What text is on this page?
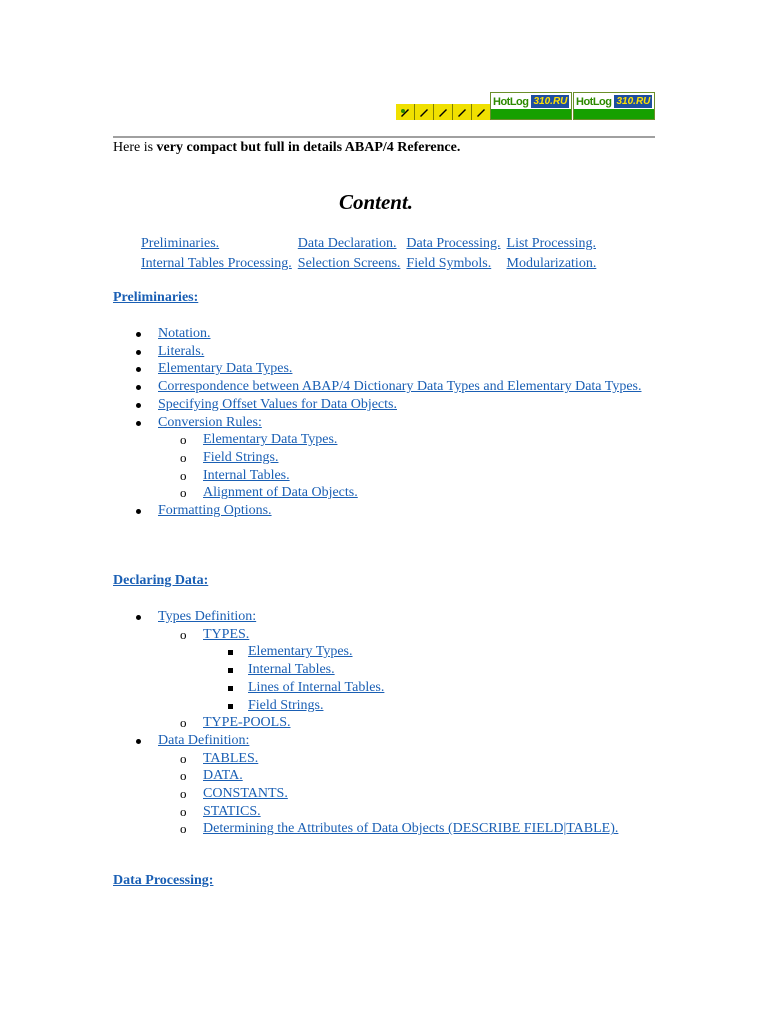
HotLog 310.RU HotLog 310.RU
Here is very compact but full in details ABAP/4 Reference.
Content.
Preliminaries.	Data Declaration.	Data Processing.	List Processing.
Internal Tables Processing.	Selection Screens.	Field Symbols.	Modularization.
Preliminaries:
Notation.
Literals.
Elementary Data Types.
Correspondence between ABAP/4 Dictionary Data Types and Elementary Data Types.
Specifying Offset Values for Data Objects.
Conversion Rules:
o Elementary Data Types.
o Field Strings.
o Internal Tables.
o Alignment of Data Objects.
Formatting Options.
Declaring Data:
Types Definition:
o TYPES.
Elementary Types.
Internal Tables.
Lines of Internal Tables.
Field Strings.
o TYPE-POOLS.
Data Definition:
o TABLES.
o DATA.
o CONSTANTS.
o STATICS.
o Determining the Attributes of Data Objects (DESCRIBE FIELD|TABLE).
Data Processing:
